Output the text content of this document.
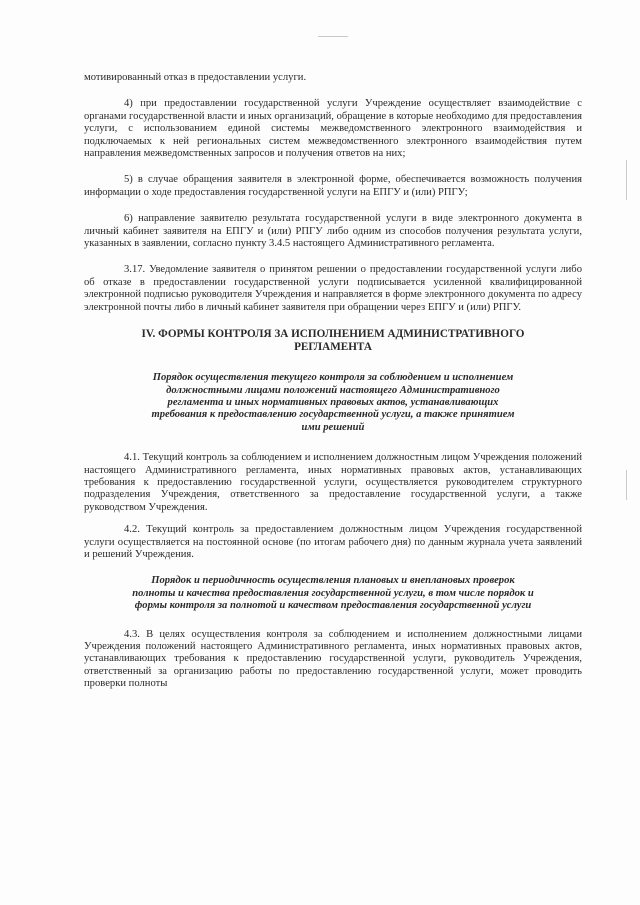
мотивированный отказ в предоставлении услуги.

4) при предоставлении государственной услуги Учреждение осуществляет взаимодействие с органами государственной власти и иных организаций, обращение в которые необходимо для предоставления услуги, с использованием единой системы межведомственного электронного взаимодействия и подключаемых к ней региональных систем межведомственного электронного взаимодействия путем направления межведомственных запросов и получения ответов на них;

5) в случае обращения заявителя в электронной форме, обеспечивается возможность получения информации о ходе предоставления государственной услуги на ЕПГУ и (или) РПГУ;

6) направление заявителю результата государственной услуги в виде электронного документа в личный кабинет заявителя на ЕПГУ и (или) РПГУ либо одним из способов получения результата услуги, указанных в заявлении, согласно пункту 3.4.5 настоящего Административного регламента.

3.17. Уведомление заявителя о принятом решении о предоставлении государственной услуги либо об отказе в предоставлении государственной услуги подписывается усиленной квалифицированной электронной подписью руководителя Учреждения и направляется в форме электронного документа по адресу электронной почты либо в личный кабинет заявителя при обращении через ЕПГУ и (или) РПГУ.

IV. ФОРМЫ КОНТРОЛЯ ЗА ИСПОЛНЕНИЕМ АДМИНИСТРАТИВНОГО РЕГЛАМЕНТА
Порядок осуществления текущего контроля за соблюдением и исполнением должностными лицами положений настоящего Административного регламента и иных нормативных правовых актов, устанавливающих требования к предоставлению государственной услуги, а также принятием ими решений

4.1. Текущий контроль за соблюдением и исполнением должностным лицом Учреждения положений настоящего Административного регламента, иных нормативных правовых актов, устанавливающих требования к предоставлению государственной услуги, осуществляется руководителем структурного подразделения Учреждения, ответственного за предоставление государственной услуги, а также руководством Учреждения.

4.2. Текущий контроль за предоставлением должностным лицом Учреждения государственной услуги осуществляется на постоянной основе (по итогам рабочего дня) по данным журнала учета заявлений и решений Учреждения.

Порядок и периодичность осуществления плановых и внеплановых проверок полноты и качества предоставления государственной услуги, в том числе порядок и формы контроля за полнотой и качеством предоставления государственной услуги

4.3. В целях осуществления контроля за соблюдением и исполнением должностными лицами Учреждения положений настоящего Административного регламента, иных нормативных правовых актов, устанавливающих требования к предоставлению государственной услуги, руководитель Учреждения, ответственный за организацию работы по предоставлению государственной услуги, может проводить проверки полноты
